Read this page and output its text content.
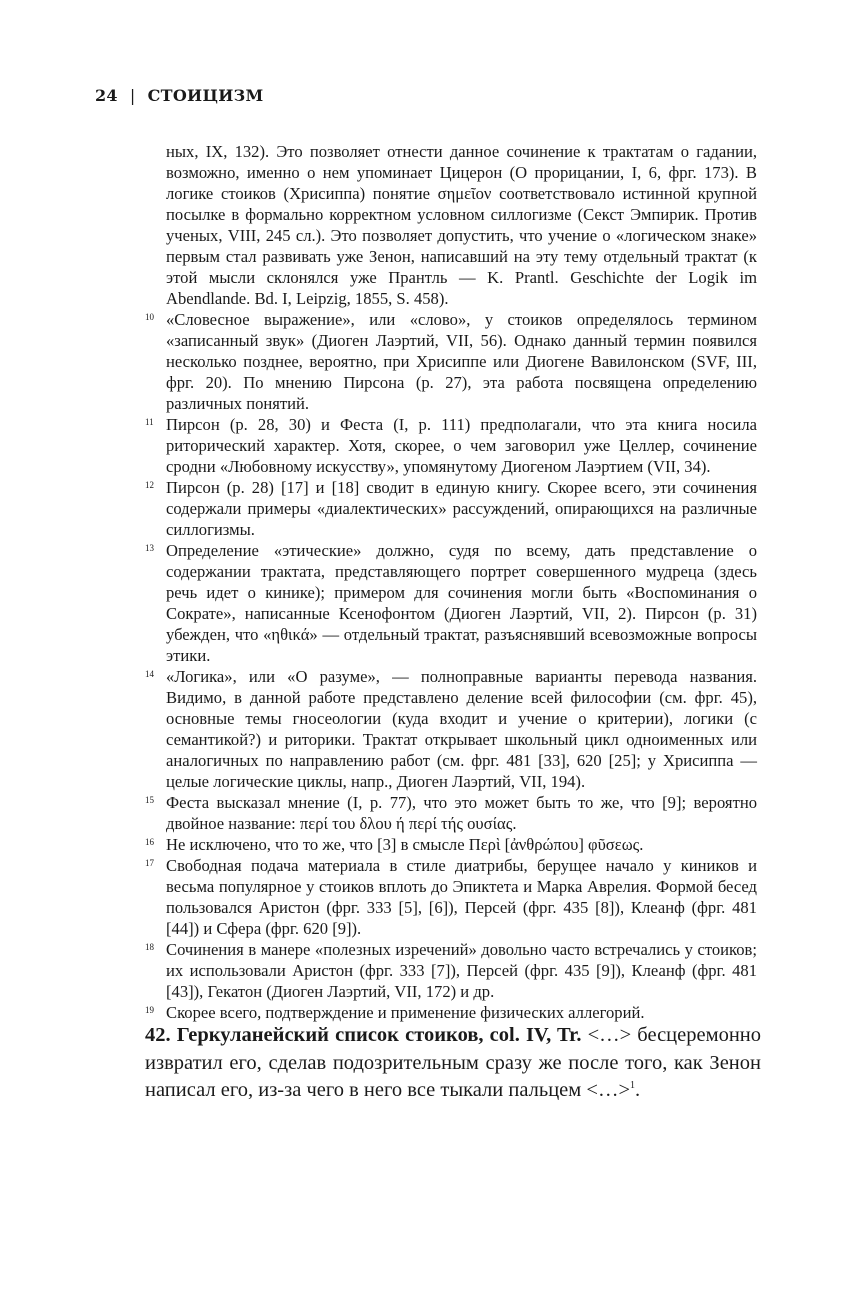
24 | СТОИЦИЗМ

ных, IX, 132). Это позволяет отнести данное сочинение к трактатам о гадании, возможно, именно о нем упоминает Цицерон (О прорицании, I, 6, фрг. 173). В логике стоиков (Хрисиппа) понятие σημεῖον соответствовало истинной крупной посылке в формально корректном условном силлогизме (Секст Эмпирик. Против ученых, VIII, 245 сл.). Это позволяет допустить, что учение о «логическом знаке» первым стал развивать уже Зенон, написавший на эту тему отдельный трактат (к этой мысли склонялся уже Прантль — K. Prantl. Geschichte der Logik im Abendlande. Bd. I, Leipzig, 1855, S. 458).

10 «Словесное выражение», или «слово», у стоиков определялось термином «записанный звук» (Диоген Лаэртий, VII, 56). Однако данный термин появился несколько позднее, вероятно, при Хрисиппе или Диогене Вавилонском (SVF, III, фрг. 20). По мнению Пирсона (р. 27), эта работа посвящена определению различных понятий.

11 Пирсон (р. 28, 30) и Феста (I, р. 111) предполагали, что эта книга носила риторический характер. Хотя, скорее, о чем заговорил уже Целлер, сочинение сродни «Любовному искусству», упомянутому Диогеном Лаэртием (VII, 34).

12 Пирсон (р. 28) [17] и [18] сводит в единую книгу. Скорее всего, эти сочинения содержали примеры «диалектических» рассуждений, опирающихся на различные силлогизмы.

13 Определение «этические» должно, судя по всему, дать представление о содержании трактата, представляющего портрет совершенного мудреца (здесь речь идет о кинике); примером для сочинения могли быть «Воспоминания о Сократе», написанные Ксенофонтом (Диоген Лаэртий, VII, 2). Пирсон (р. 31) убежден, что «ηθικά» — отдельный трактат, разъяснявший всевозможные вопросы этики.

14 «Логика», или «О разуме», — полноправные варианты перевода названия. Видимо, в данной работе представлено деление всей философии (см. фрг. 45), основные темы гносеологии (куда входит и учение о критерии), логики (с семантикой?) и риторики. Трактат открывает школьный цикл одноименных или аналогичных по направлению работ (см. фрг. 481 [33], 620 [25]; у Хрисиппа — целые логические циклы, напр., Диоген Лаэртий, VII, 194).

15 Феста высказал мнение (I, р. 77), что это может быть то же, что [9]; вероятно двойное название: περί του δλου ή περί τής ουσίας.

16 Не исключено, что то же, что [3] в смысле Περὶ [ἀνθρώπου] φῦσεως.

17 Свободная подача материала в стиле диатрибы, берущее начало у киников и весьма популярное у стоиков вплоть до Эпиктета и Марка Аврелия. Формой бесед пользовался Аристон (фрг. 333 [5], [6]), Персей (фрг. 435 [8]), Клеанф (фрг. 481 [44]) и Сфера (фрг. 620 [9]).

18 Сочинения в манере «полезных изречений» довольно часто встречались у стоиков; их использовали Аристон (фрг. 333 [7]), Персей (фрг. 435 [9]), Клеанф (фрг. 481 [43]), Гекатон (Диоген Лаэртий, VII, 172) и др.

19 Скорее всего, подтверждение и применение физических аллегорий.

42. Геркуланейский список стоиков, col. IV, Tr. <…> бесцеремонно извратил его, сделав подозрительным сразу же после того, как Зенон написал его, из-за чего в него все тыкали пальцем <…>$^1$.
